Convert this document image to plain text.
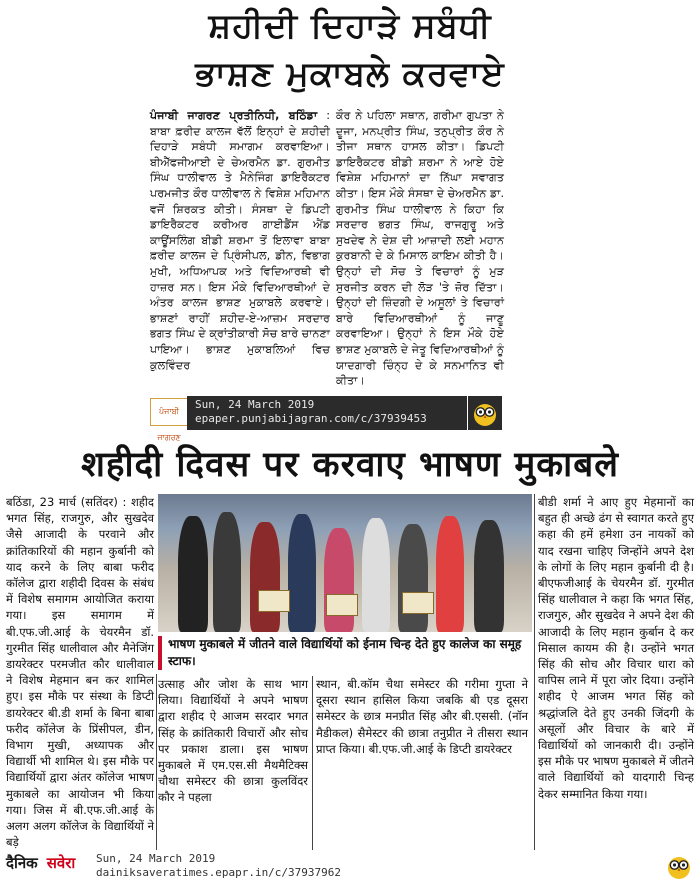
ਸ਼ਹੀਦੀ ਦਿਹਾੜੇ ਸਬੰਧੀ
ਭਾਸ਼ਣ ਮੁਕਾਬਲੇ ਕਰਵਾਏ

ਪੰਜਾਬੀ ਜਾਗਰਣ ਪ੍ਰਤੀਨਿਧੀ, ਬਠਿੰਡਾ : ਬਾਬਾ ਫ਼ਰੀਦ ਕਾਲਜ ਵੱਲੋਂ ਇਨ੍ਹਾਂ ਦੇ ਸ਼ਹੀਦੀ ਦਿਹਾੜੇ ਸਬੰਧੀ ਸਮਾਗਮ ਕਰਵਾਇਆ। ਬੀਐੱਫਜੀਆਈ ਦੇ ਚੇਅਰਮੈਨ ਡਾ. ਗੁਰਮੀਤ ਸਿੰਘ ਧਾਲੀਵਾਲ ਤੇ ਮੈਨੇਜਿੰਗ ਡਾਇਰੈਕਟਰ ਪਰਮਜੀਤ ਕੌਰ ਧਾਲੀਵਾਲ ਨੇ ਵਿਸ਼ੇਸ਼ ਮਹਿਮਾਨ ਵਜੋਂ ਸ਼ਿਰਕਤ ਕੀਤੀ। ਸੰਸਥਾ ਦੇ ਡਿਪਟੀ ਡਾਇਰੈਕਟਰ ਕਰੀਅਰ ਗਾਈਡੈਂਸ ਐਂਡ ਕਾਊਂਸਲਿੰਗ ਬੀਡੀ ਸ਼ਰਮਾ ਤੋਂ ਇਲਾਵਾ ਬਾਬਾ ਫ਼ਰੀਦ ਕਾਲਜ ਦੇ ਪ੍ਰਿੰਸੀਪਲ, ਡੀਨ, ਵਿਭਾਗ ਮੁਖੀ, ਅਧਿਆਪਕ ਅਤੇ ਵਿਦਿਆਰਥੀ ਵੀ ਹਾਜ਼ਰ ਸਨ। ਇਸ ਮੌਕੇ ਵਿਦਿਆਰਥੀਆਂ ਦੇ ਅੰਤਰ ਕਾਲਜ ਭਾਸ਼ਣ ਮੁਕਾਬਲੇ ਕਰਵਾਏ। ਭਾਸ਼ਣਾਂ ਰਾਹੀਂ ਸ਼ਹੀਦ-ਏ-ਆਜ਼ਮ ਸਰਦਾਰ ਭਗਤ ਸਿੰਘ ਦੇ ਕ੍ਰਾਂਤੀਕਾਰੀ ਸੋਚ ਬਾਰੇ ਚਾਨਣਾ ਪਾਇਆ। ਭਾਸ਼ਣ ਮੁਕਾਬਲਿਆਂ ਵਿਚ ਕੁਲਵਿੰਦਰ

ਕੌਰ ਨੇ ਪਹਿਲਾ ਸਥਾਨ, ਗਰੀਮਾ ਗੁਪਤਾ ਨੇ ਦੂਜਾ, ਮਨਪ੍ਰੀਤ ਸਿੰਘ, ਤਨੁਪ੍ਰੀਤ ਕੌਰ ਨੇ ਤੀਜਾ ਸਥਾਨ ਹਾਸਲ ਕੀਤਾ। ਡਿਪਟੀ ਡਾਇਰੈਕਟਰ ਬੀਡੀ ਸ਼ਰਮਾ ਨੇ ਆਏ ਹੋਏ ਵਿਸ਼ੇਸ਼ ਮਹਿਮਾਨਾਂ ਦਾ ਨਿੱਘਾ ਸਵਾਗਤ ਕੀਤਾ। ਇਸ ਮੌਕੇ ਸੰਸਥਾ ਦੇ ਚੇਅਰਮੈਨ ਡਾ. ਗੁਰਮੀਤ ਸਿੰਘ ਧਾਲੀਵਾਲ ਨੇ ਕਿਹਾ ਕਿ ਸਰਦਾਰ ਭਗਤ ਸਿੰਘ, ਰਾਜਗੁਰੂ ਅਤੇ ਸੁਖਦੇਵ ਨੇ ਦੇਸ਼ ਦੀ ਆਜ਼ਾਦੀ ਲਈ ਮਹਾਨ ਕੁਰਬਾਨੀ ਦੇ ਕੇ ਮਿਸਾਲ ਕਾਇਮ ਕੀਤੀ ਹੈ। ਉਨ੍ਹਾਂ ਦੀ ਸੋਚ ਤੇ ਵਿਚਾਰਾਂ ਨੂੰ ਮੁੜ ਸੁਰਜੀਤ ਕਰਨ ਦੀ ਲੋੜ 'ਤੇ ਜ਼ੋਰ ਦਿੱਤਾ। ਉਨ੍ਹਾਂ ਦੀ ਜ਼ਿੰਦਗੀ ਦੇ ਅਸੂਲਾਂ ਤੇ ਵਿਚਾਰਾਂ ਬਾਰੇ ਵਿਦਿਆਰਥੀਆਂ ਨੂੰ ਜਾਣੂ ਕਰਵਾਇਆ। ਉਨ੍ਹਾਂ ਨੇ ਇਸ ਮੌਕੇ ਹੋਏ ਭਾਸ਼ਣ ਮੁਕਾਬਲੇ ਦੇ ਜੇਤੂ ਵਿਦਿਆਰਥੀਆਂ ਨੂੰ ਯਾਦਗਾਰੀ ਚਿੰਨ੍ਹ ਦੇ ਕੇ ਸਨਮਾਨਿਤ ਵੀ ਕੀਤਾ।

ਪੰਜਾਬੀ ਜਾਗਰਣ
Sun, 24 March 2019
epaper.punjabijagran.com/c/37939453
शहीदी दिवस पर करवाए भाषण मुकाबले
बठिंडा, 23 मार्च (सतिंदर) : शहीद भगत सिंह, राजगुरु, और सुखदेव जैसे आजादी के परवाने और क्रांतिकारियों की महान कुर्बानी को याद करने के लिए बाबा फरीद कॉलेज द्वारा शहीदी दिवस के संबंध में विशेष समागम आयोजित कराया गया। इस समागम में बी.एफ.जी.आई के चेयरमैन डॉ. गुरमीत सिंह धालीवाल और मैनेजिंग डायरेक्टर परमजीत कौर धालीवाल ने विशेष मेहमान बन कर शामिल हुए। इस मौके पर संस्था के डिप्टी डायरेक्टर बी.डी शर्मा के बिना बाबा फरीद कॉलेज के प्रिंसीपल, डीन, विभाग मुखी, अध्यापक और विद्यार्थी भी शामिल थे। इस मौके पर विद्यार्थियों द्वारा अंतर कॉलेज भाषण मुकाबले का आयोजन भी किया गया। जिस में बी.एफ.जी.आई के अलग अलग कॉलेज के विद्यार्थियों ने बड़े
भाषण मुकाबले में जीतने वाले विद्यार्थियों को ईनाम चिन्ह देते हुए कालेज का समूह स्टाफ।
उत्साह और जोश के साथ भाग लिया। विद्यार्थियों ने अपने भाषण द्वारा शहीद ऐ आजम सरदार भगत सिंह के क्रांतिकारी विचारों और सोच पर प्रकाश डाला। इस भाषण मुकाबले में एम.एस.सी मैथमैटिक्स चौथा समेस्टर की छात्रा कुलविंदर कौर ने पहला
स्थान, बी.कॉम चैथा समेस्टर की गरीमा गुप्ता ने दूसरा स्थान हासिल किया जबकि बी एड दूसरा समेस्टर के छात्र मनप्रीत सिंह और बी.एससी. (नॉन मैडीकल) सैमेस्टर की छात्रा तनुप्रीत ने तीसरा स्थान प्राप्त किया। बी.एफ.जी.आई के डिप्टी डायरेक्टर
बीडी शर्मा ने आए हुए मेहमानों का बहुत ही अच्छे ढंग से स्वागत करते हुए कहा की हमें हमेशा उन नायकों को याद रखना चाहिए जिन्होंने अपने देश के लोगों के लिए महान कुर्बानी दी है। बीएफजीआई के चेयरमैन डॉ. गुरमीत सिंह धालीवाल ने कहा कि भगत सिंह, राजगुरु, और सुखदेव ने अपने देश की आजादी के लिए महान कुर्बान दे कर मिसाल कायम की है। उन्होंने भगत सिंह की सोच और विचार धारा को वापिस लाने में पूरा जोर दिया। उन्होंने शहीद ऐ आजम भगत सिंह को श्रद्धांजलि देते हुए उनकी जिंदगी के असूलों और विचार के बारे में विद्यार्थियों को जानकारी दी। उन्होंने इस मौके पर भाषण मुकाबले में जीतने वाले विद्यार्थियों को यादगारी चिन्ह देकर सम्मानित किया गया।
दैनिक सवेरा Sun, 24 March 2019
dainiksaveratimes.epapr.in/c/37937962
